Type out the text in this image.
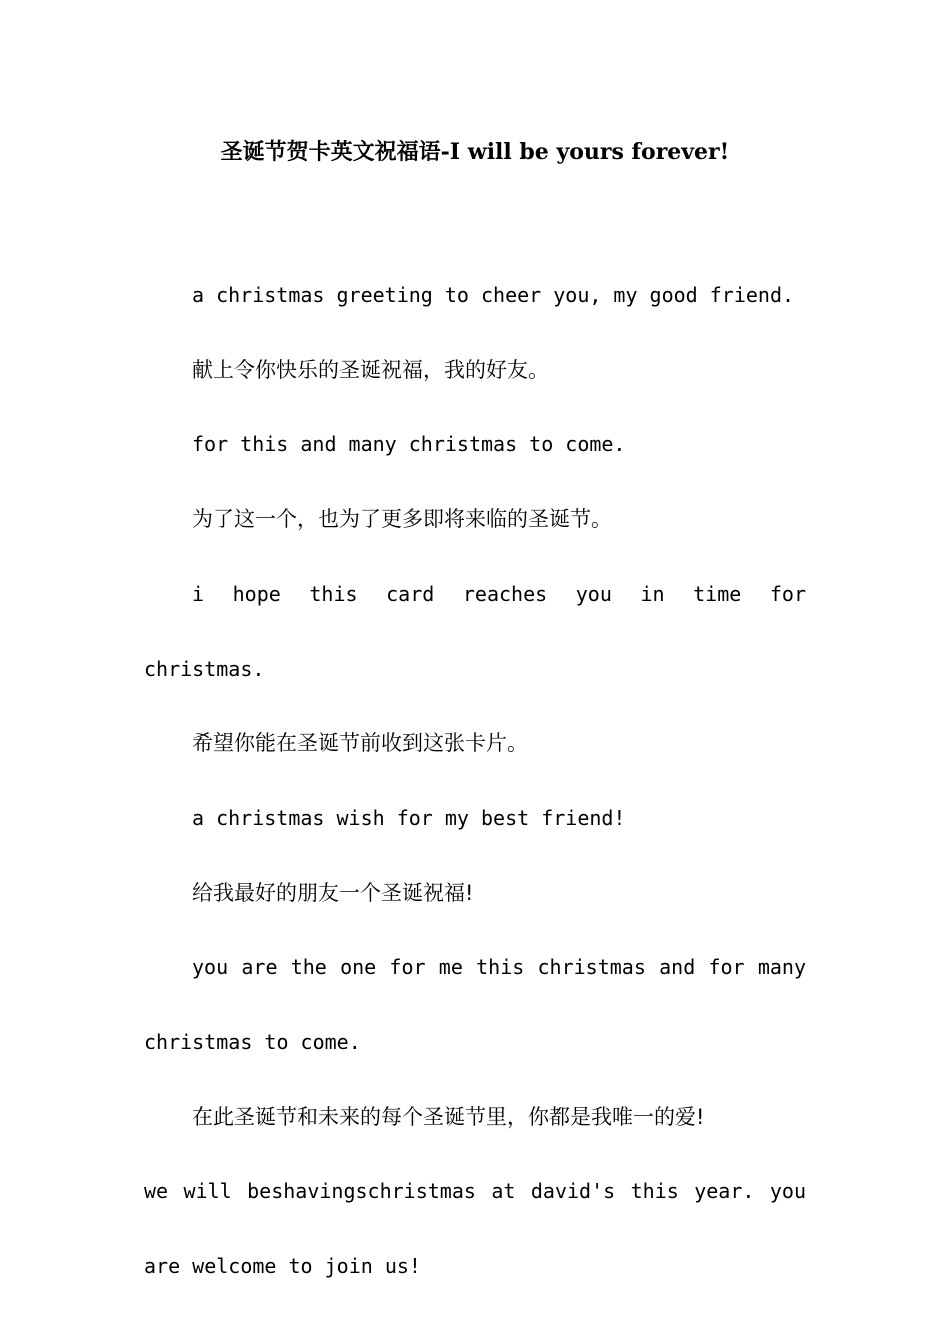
圣诞节贺卡英文祝福语-I will be yours forever!

a christmas greeting to cheer you, my good friend.

献上令你快乐的圣诞祝福，我的好友。

for this and many christmas to come.

为了这一个，也为了更多即将来临的圣诞节。

i hope this card reaches you in time for christmas.

希望你能在圣诞节前收到这张卡片。

a christmas wish for my best friend!

给我最好的朋友一个圣诞祝福!

you are the one for me this christmas and for many christmas to come.

在此圣诞节和未来的每个圣诞节里，你都是我唯一的爱!

we will beshavingschristmas at david's this year. you are welcome to join us!
